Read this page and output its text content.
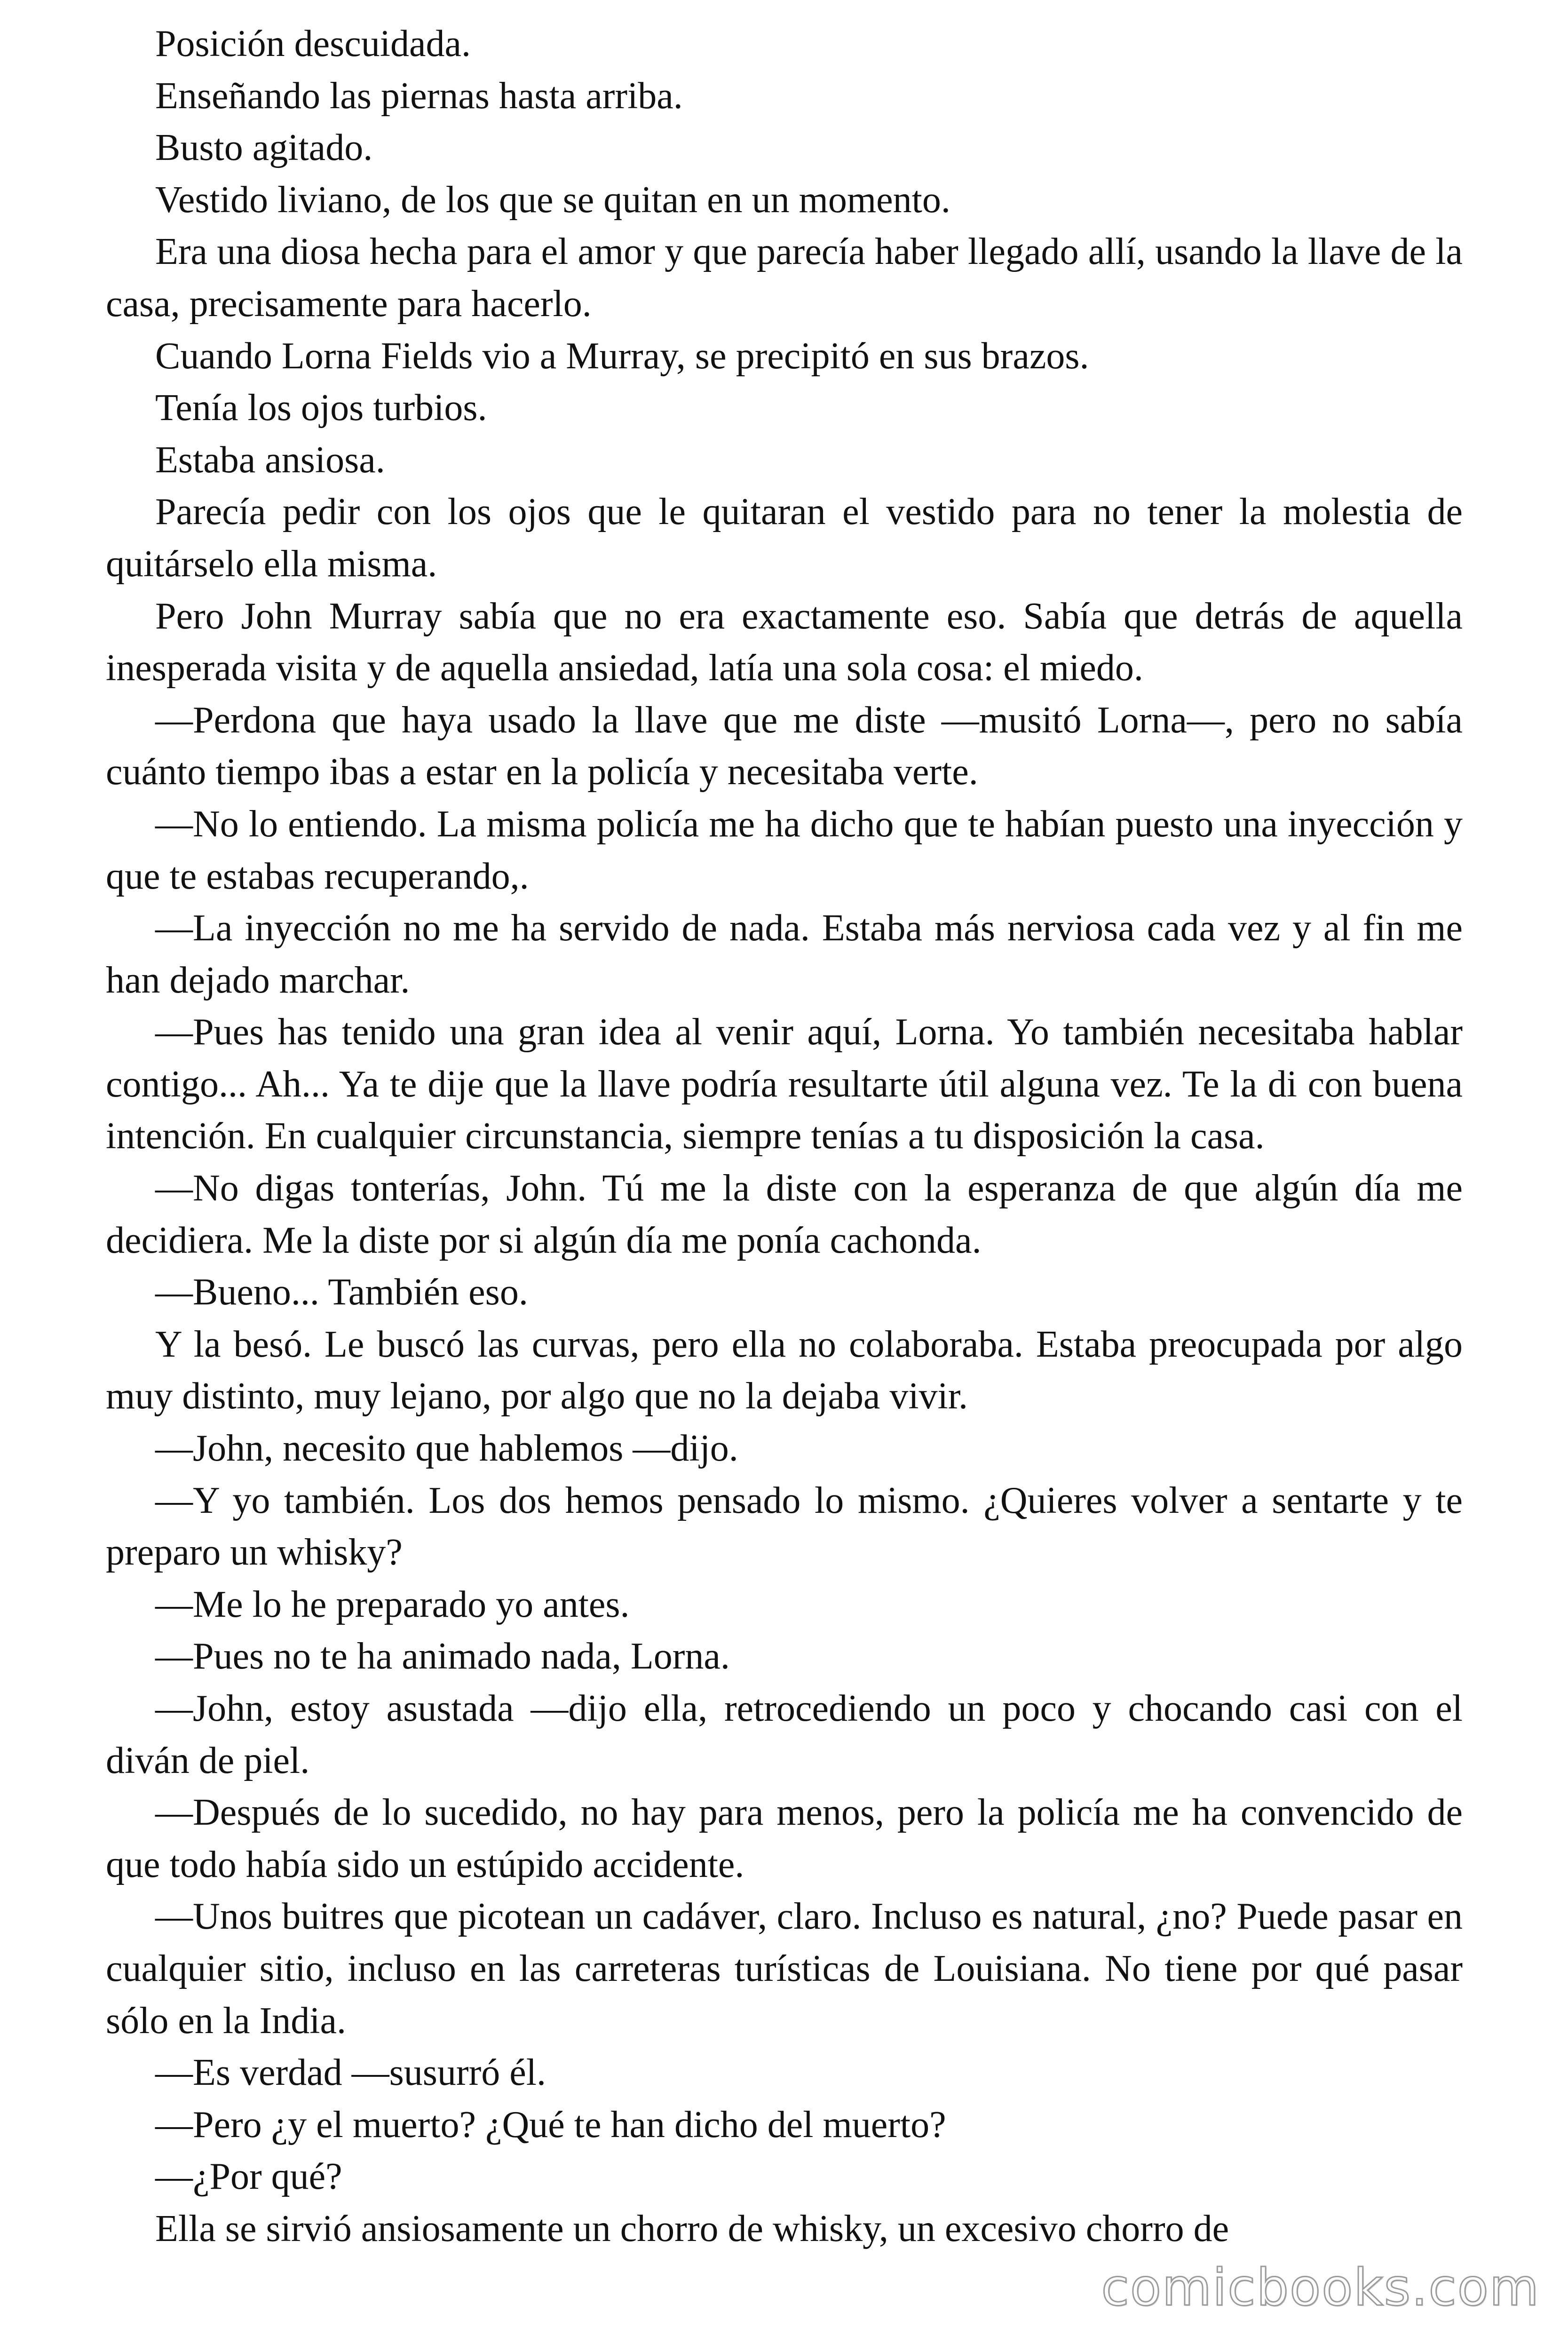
Posición descuidada.

Enseñando las piernas hasta arriba.

Busto agitado.

Vestido liviano, de los que se quitan en un momento.

Era una diosa hecha para el amor y que parecía haber llegado allí, usando la llave de la casa, precisamente para hacerlo.

Cuando Lorna Fields vio a Murray, se precipitó en sus brazos.

Tenía los ojos turbios.

Estaba ansiosa.

Parecía pedir con los ojos que le quitaran el vestido para no tener la molestia de quitárselo ella misma.

Pero John Murray sabía que no era exactamente eso. Sabía que detrás de aquella inesperada visita y de aquella ansiedad, latía una sola cosa: el miedo.

—Perdona que haya usado la llave que me diste —musitó Lorna—, pero no sabía cuánto tiempo ibas a estar en la policía y necesitaba verte.

—No lo entiendo. La misma policía me ha dicho que te habían puesto una inyección y que te estabas recuperando,.

—La inyección no me ha servido de nada. Estaba más nerviosa cada vez y al fin me han dejado marchar.

—Pues has tenido una gran idea al venir aquí, Lorna. Yo también necesitaba hablar contigo... Ah... Ya te dije que la llave podría resultarte útil alguna vez. Te la di con buena intención. En cualquier circunstancia, siempre tenías a tu disposición la casa.

—No digas tonterías, John. Tú me la diste con la esperanza de que algún día me decidiera. Me la diste por si algún día me ponía cachonda.

—Bueno... También eso.

Y la besó. Le buscó las curvas, pero ella no colaboraba. Estaba preocupada por algo muy distinto, muy lejano, por algo que no la dejaba vivir.

—John, necesito que hablemos —dijo.

—Y yo también. Los dos hemos pensado lo mismo. ¿Quieres volver a sentarte y te preparo un whisky?

—Me lo he preparado yo antes.

—Pues no te ha animado nada, Lorna.

—John, estoy asustada —dijo ella, retrocediendo un poco y chocando casi con el diván de piel.

—Después de lo sucedido, no hay para menos, pero la policía me ha convencido de que todo había sido un estúpido accidente.

—Unos buitres que picotean un cadáver, claro. Incluso es natural, ¿no? Puede pasar en cualquier sitio, incluso en las carreteras turísticas de Louisiana. No tiene por qué pasar sólo en la India.

—Es verdad —susurró él.

—Pero ¿y el muerto? ¿Qué te han dicho del muerto?

—¿Por qué?

Ella se sirvió ansiosamente un chorro de whisky, un excesivo chorro de

comicbooks.com
